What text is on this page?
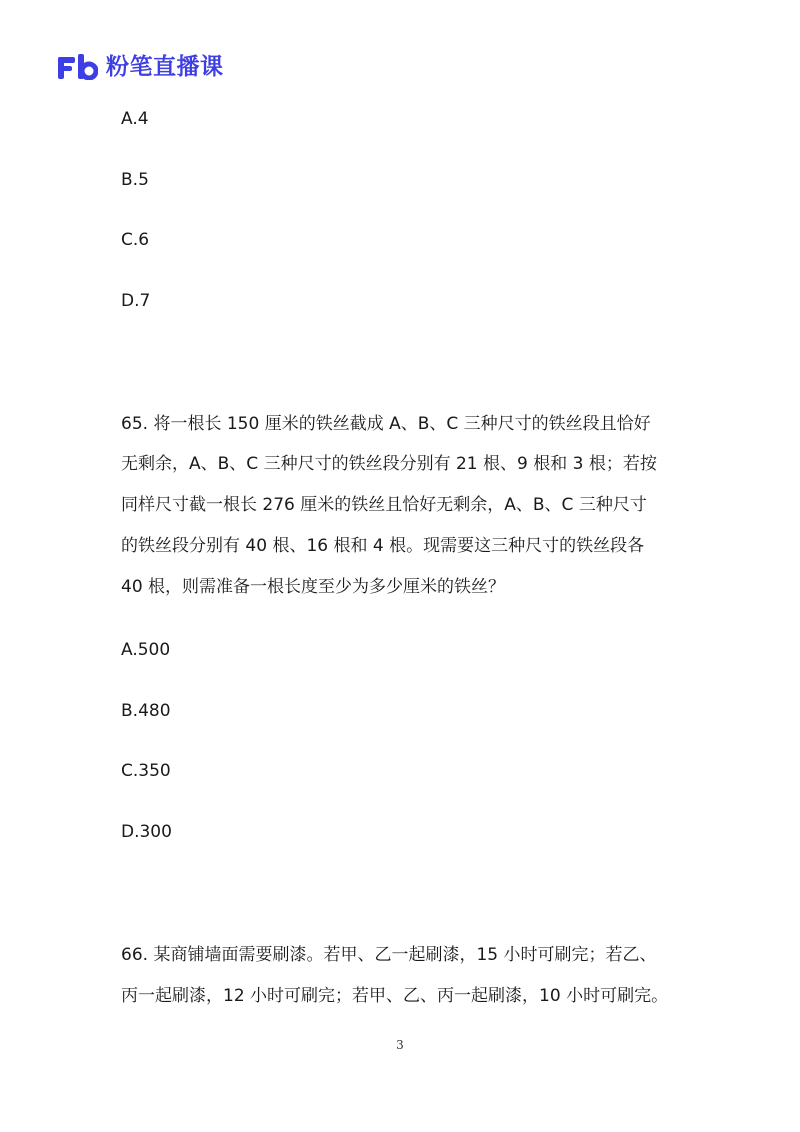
粉笔直播课
A.4
B.5
C.6
D.7
65. 将一根长 150 厘米的铁丝截成 A、B、C 三种尺寸的铁丝段且恰好
无剩余，A、B、C 三种尺寸的铁丝段分别有 21 根、9 根和 3 根；若按
同样尺寸截一根长 276 厘米的铁丝且恰好无剩余，A、B、C 三种尺寸
的铁丝段分别有 40 根、16 根和 4 根。现需要这三种尺寸的铁丝段各
40 根，则需准备一根长度至少为多少厘米的铁丝？
A.500
B.480
C.350
D.300
66. 某商铺墙面需要刷漆。若甲、乙一起刷漆，15 小时可刷完；若乙、
丙一起刷漆，12 小时可刷完；若甲、乙、丙一起刷漆，10 小时可刷完。
3
